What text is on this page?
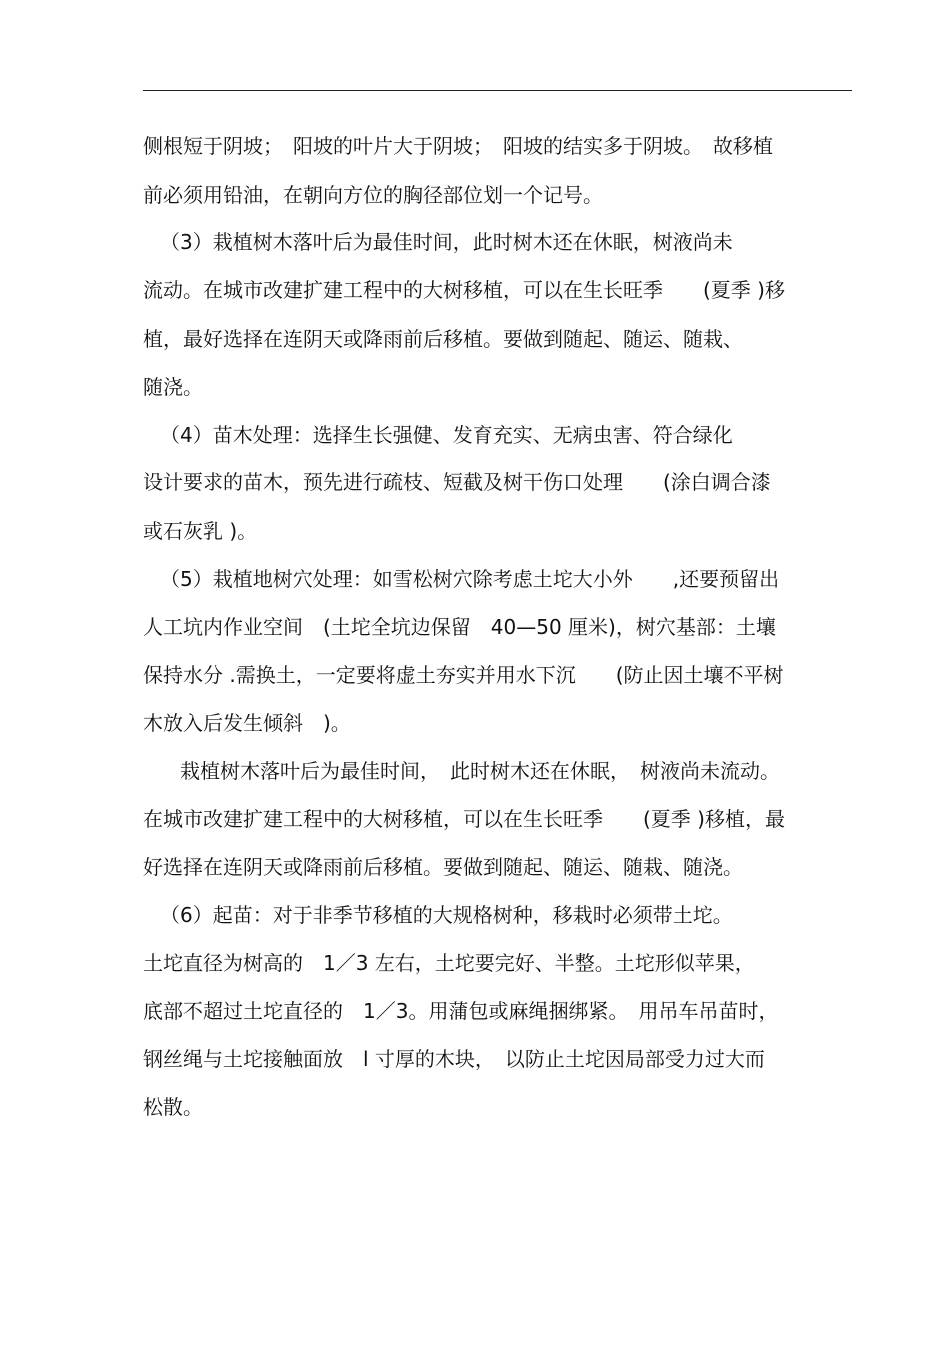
侧根短于阴坡；　阳坡的叶片大于阴坡；　阳坡的结实多于阴坡。　故移植
前必须用铅油，在朝向方位的胸径部位划一个记号。
（3）栽植树木落叶后为最佳时间，此时树木还在休眠，树液尚未
流动。在城市改建扩建工程中的大树移植，可以在生长旺季　　(夏季 )移
植，最好选择在连阴天或降雨前后移植。要做到随起、随运、随栽、
随浇。
（4）苗木处理：选择生长强健、发育充实、无病虫害、符合绿化
设计要求的苗木，预先进行疏枝、短截及树干伤口处理　　(涂白调合漆
或石灰乳 )。
（5）栽植地树穴处理：如雪松树穴除考虑土坨大小外　　,还要预留出
人工坑内作业空间　(土坨全坑边保留　40—50 厘米)，树穴基部：土壤
保持水分 .需换土，一定要将虚土夯实并用水下沉　　(防止因土壤不平树
木放入后发生倾斜　)。
栽植树木落叶后为最佳时间，　此时树木还在休眠，　树液尚未流动。
在城市改建扩建工程中的大树移植，可以在生长旺季　　(夏季 )移植，最
好选择在连阴天或降雨前后移植。要做到随起、随运、随栽、随浇。
（6）起苗：对于非季节移植的大规格树种，移栽时必须带土坨。
土坨直径为树高的　1／3 左右，土坨要完好、半整。土坨形似苹果，
底部不超过土坨直径的　1／3。用蒲包或麻绳捆绑紧。　用吊车吊苗时，
钢丝绳与土坨接触面放　l 寸厚的木块，　以防止土坨因局部受力过大而
松散。
